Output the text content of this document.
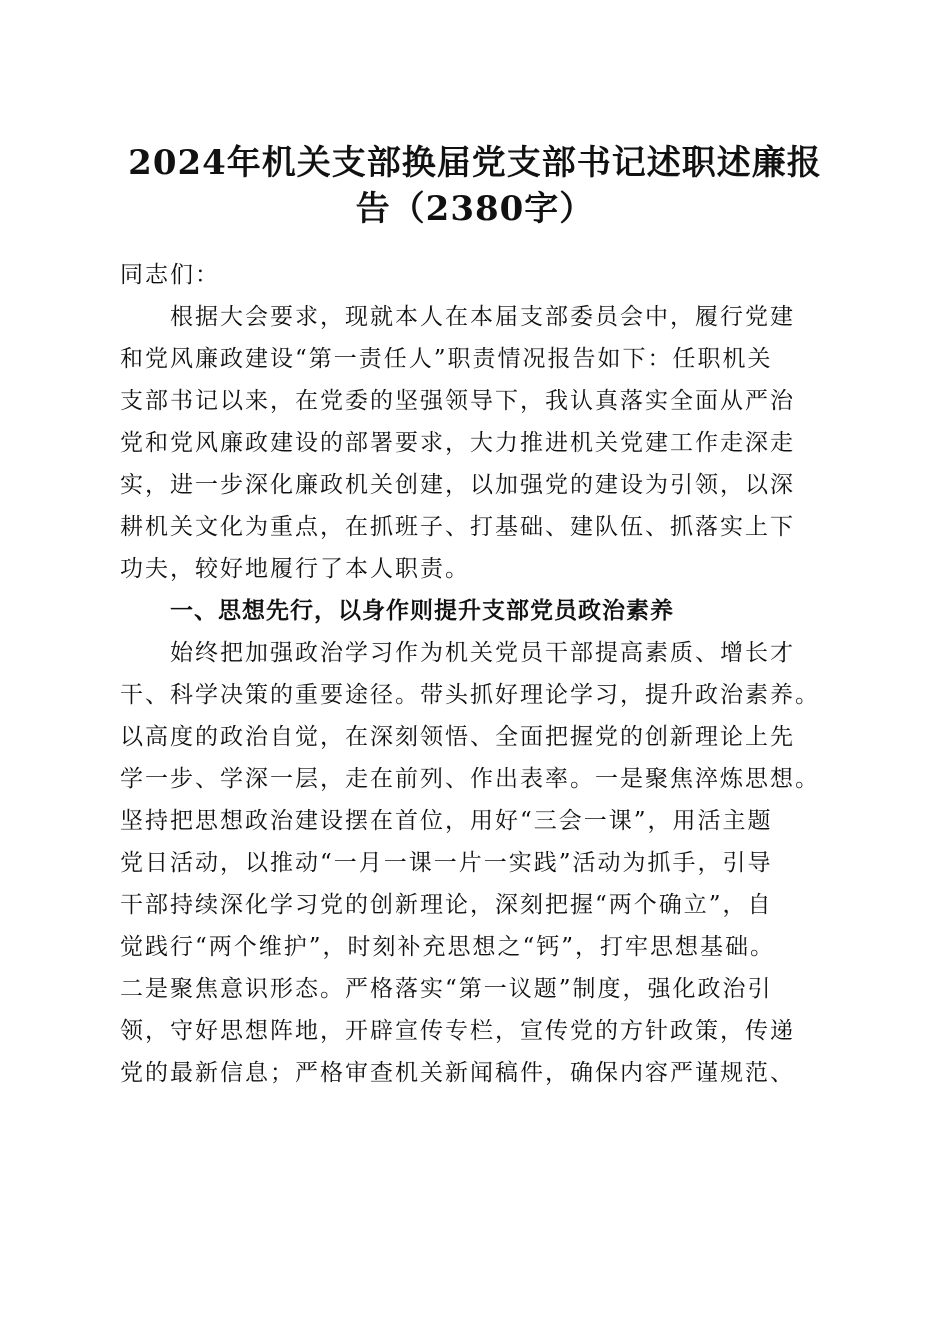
2024年机关支部换届党支部书记述职述廉报
告（2380字）
同志们：
根据大会要求，现就本人在本届支部委员会中，履行党建
和党风廉政建设“第一责任人”职责情况报告如下：任职机关
支部书记以来，在党委的坚强领导下，我认真落实全面从严治
党和党风廉政建设的部署要求，大力推进机关党建工作走深走
实，进一步深化廉政机关创建，以加强党的建设为引领，以深
耕机关文化为重点，在抓班子、打基础、建队伍、抓落实上下
功夫，较好地履行了本人职责。
一、思想先行，以身作则提升支部党员政治素养
始终把加强政治学习作为机关党员干部提高素质、增长才
干、科学决策的重要途径。带头抓好理论学习，提升政治素养。
以高度的政治自觉，在深刻领悟、全面把握党的创新理论上先
学一步、学深一层，走在前列、作出表率。一是聚焦淬炼思想。
坚持把思想政治建设摆在首位，用好“三会一课”，用活主题
党日活动，以推动“一月一课一片一实践”活动为抓手，引导
干部持续深化学习党的创新理论，深刻把握“两个确立”，自
觉践行“两个维护”，时刻补充思想之“钙”，打牢思想基础。
二是聚焦意识形态。严格落实“第一议题”制度，强化政治引
领，守好思想阵地，开辟宣传专栏，宣传党的方针政策，传递
党的最新信息；严格审查机关新闻稿件，确保内容严谨规范、
